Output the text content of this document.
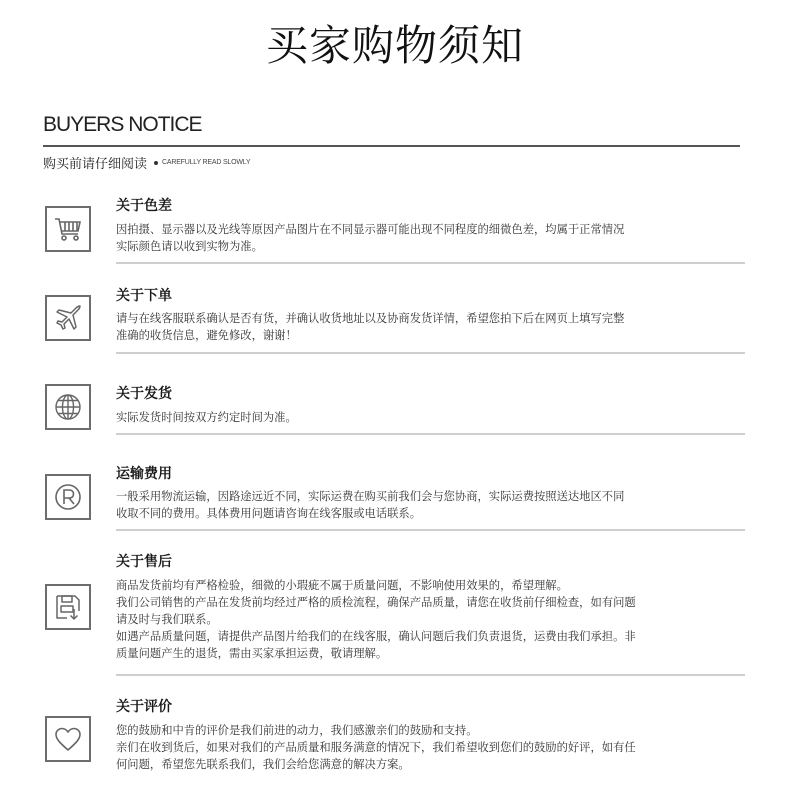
买家购物须知
BUYERS NOTICE
购买前请仔细阅读 CAREFULLY READ SLOWLY
关于色差

因拍摄、显示器以及光线等原因产品图片在不同显示器可能出现不同程度的细微色差，均属于正常情况

实际颜色请以收到实物为准。

关于下单

请与在线客服联系确认是否有货，并确认收货地址以及协商发货详情，希望您拍下后在网页上填写完整

准确的收货信息，避免修改，谢谢！

关于发货

实际发货时间按双方约定时间为准。

运输费用

一般采用物流运输，因路途远近不同，实际运费在购买前我们会与您协商，实际运费按照送达地区不同

收取不同的费用。具体费用问题请咨询在线客服或电话联系。

关于售后

商品发货前均有严格检验，细微的小瑕疵不属于质量问题，不影响使用效果的，希望理解。

我们公司销售的产品在发货前均经过严格的质检流程，确保产品质量，请您在收货前仔细检查，如有问题

请及时与我们联系。

如遇产品质量问题，请提供产品图片给我们的在线客服，确认问题后我们负责退货，运费由我们承担。非

质量问题产生的退货，需由买家承担运费，敬请理解。

关于评价

您的鼓励和中肯的评价是我们前进的动力，我们感激亲们的鼓励和支持。

亲们在收到货后，如果对我们的产品质量和服务满意的情况下，我们希望收到您们的鼓励的好评，如有任

何问题，希望您先联系我们，我们会给您满意的解决方案。
